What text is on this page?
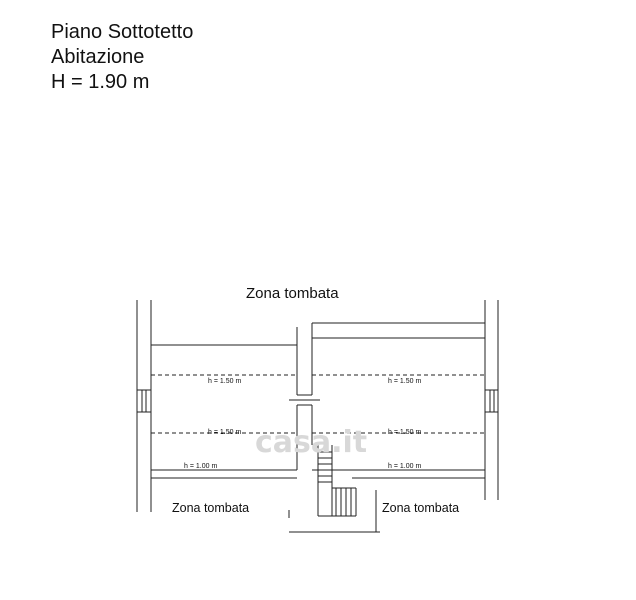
Piano Sottotetto
Abitazione
H = 1.90 m
casa.it
Zona tombata
Zona tombata	Zona tombata
h = 1.50 m
h = 1.50 m
h = 1.00 m
h = 1.50 m
h = 1.50 m
h = 1.00 m
